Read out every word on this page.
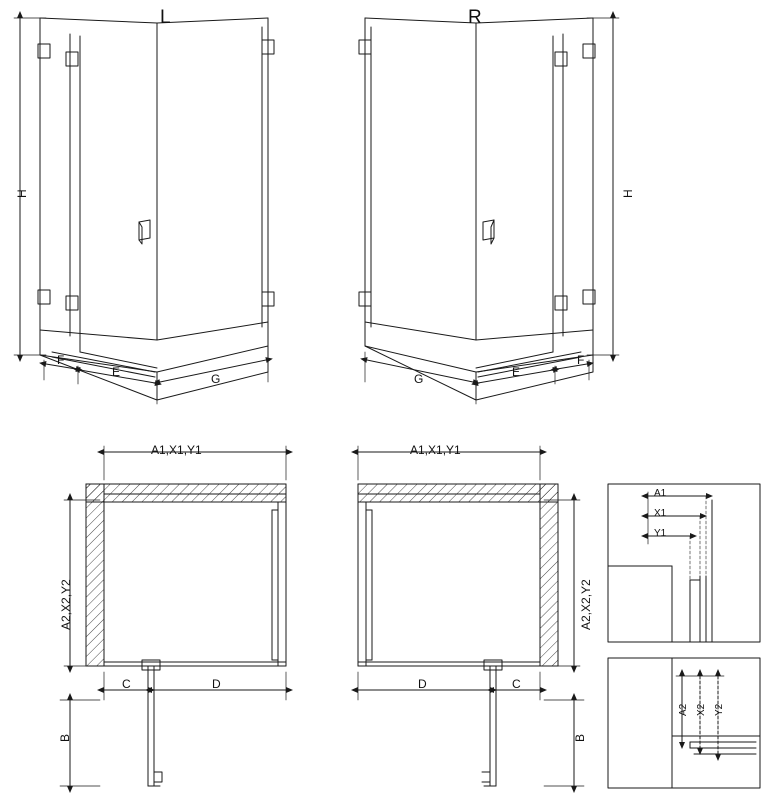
L	R
H	H
F
E	G	G	E
F
A1,X1,Y1	A1,X1,Y1
A2,X2,Y2	A2,X2,Y2
C	D	D	C
B	B
A1
X1
Y1
A2 X2 Y2
